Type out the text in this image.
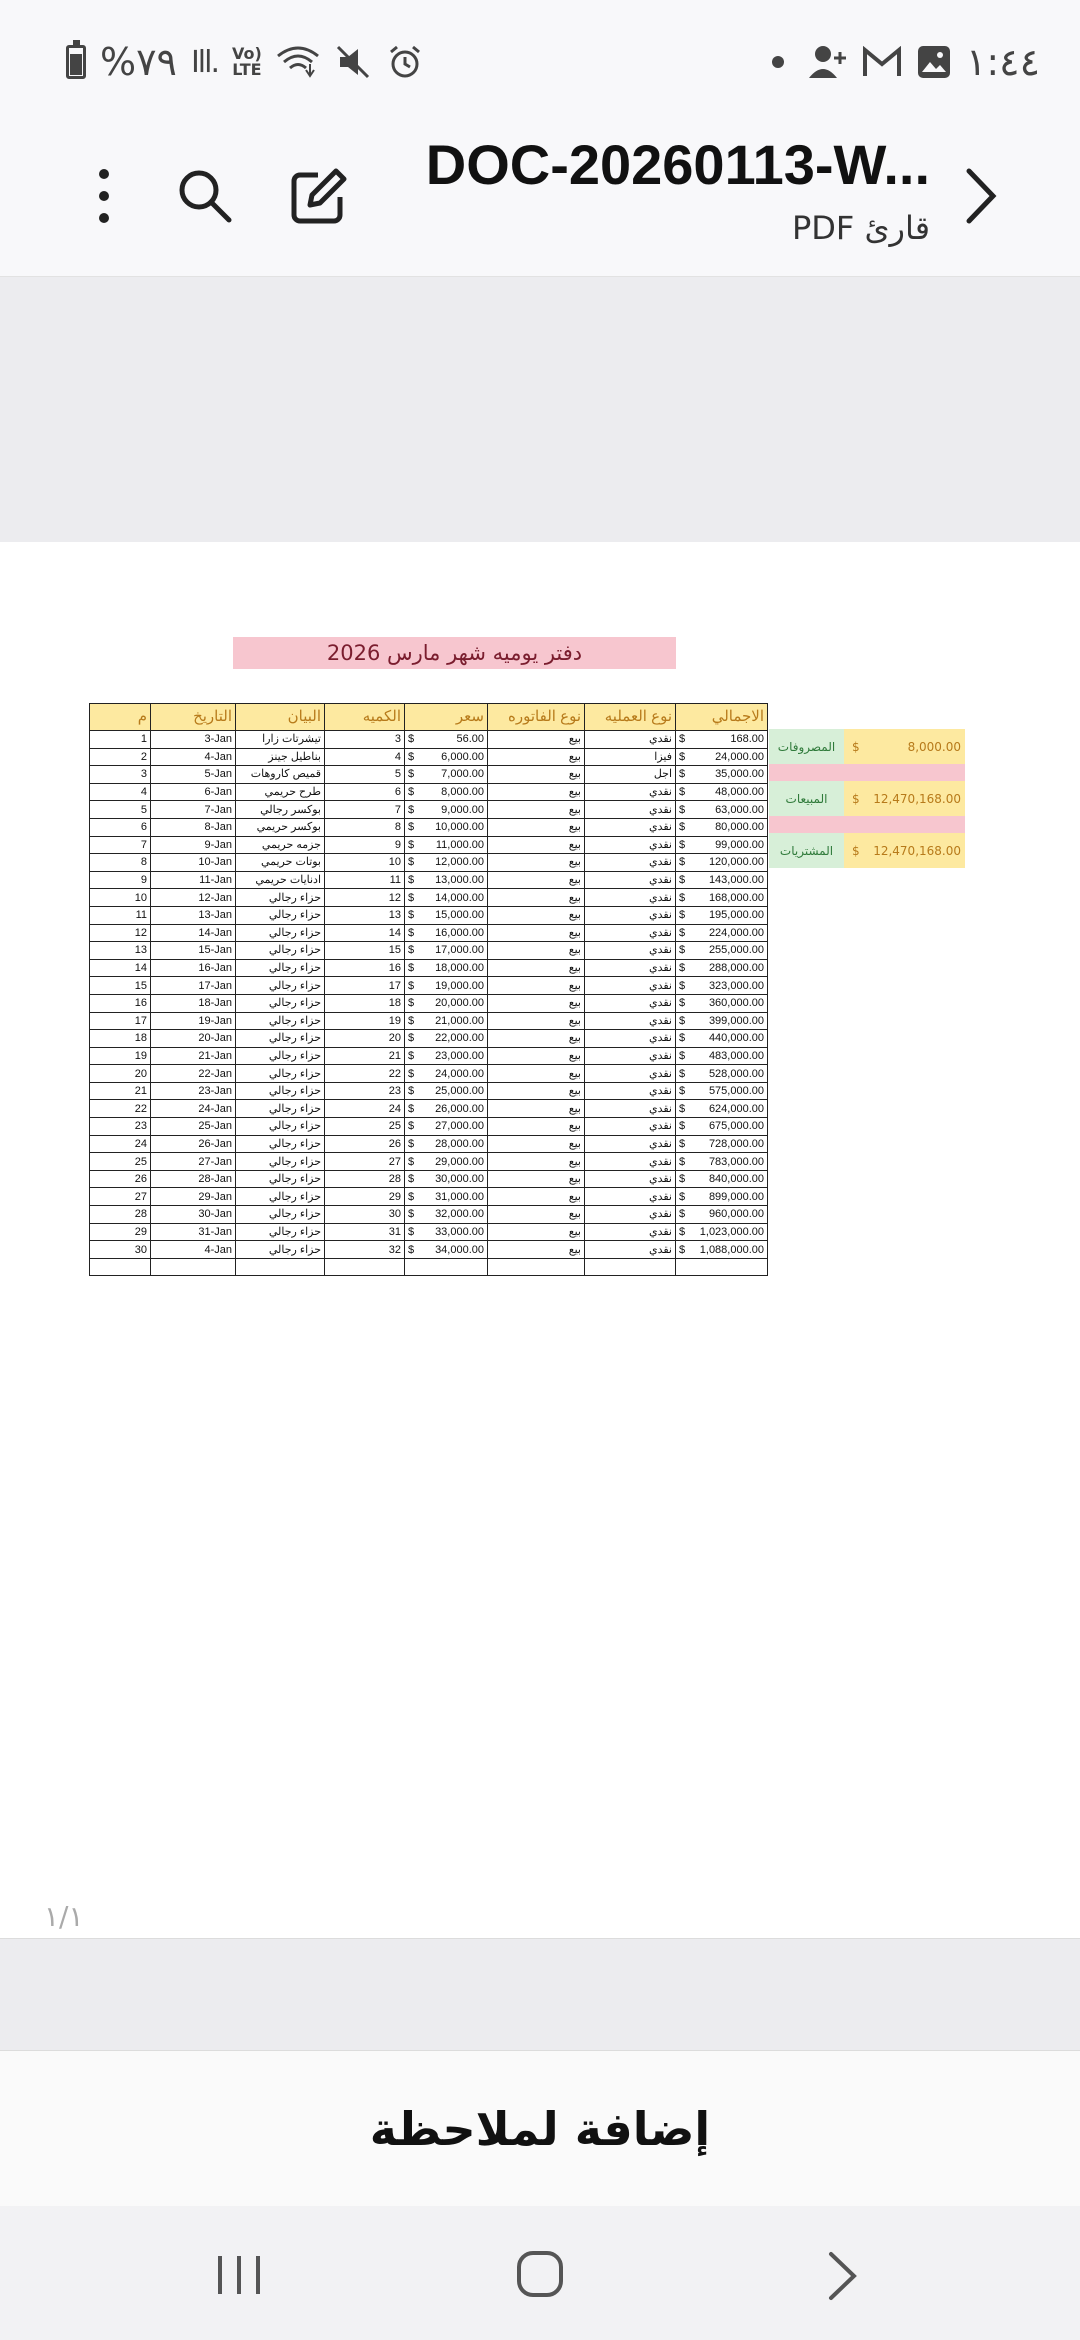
%٧٩ Ill. Vo)
LTE	١:٤٤
DOC-20260113-W...
قارئ PDF
دفتر يوميه شهر مارس 2026
م	التاريخ	البيان	الكميه	سعر	نوع الفاتوره	نوع العمليه	الاجمالي
1	3-Jan	تيشرتات زارا	3	$ 56.00	بيع	نقدي	$ 168.00

2	4-Jan	بناطيل جينز	4	$ 6,000.00	بيع	فيزا	$ 24,000.00

3	5-Jan	قميص كاروهات	5	$ 7,000.00	بيع	اجل	$ 35,000.00

4	6-Jan	طرح حريمي	6	$ 8,000.00	بيع	نقدي	$ 48,000.00

5	7-Jan	بوكسر رجالي	7	$ 9,000.00	بيع	نقدي	$ 63,000.00

6	8-Jan	بوكسر حريمي	8	$ 10,000.00	بيع	نقدي	$ 80,000.00

7	9-Jan	جزمه حريمي	9	$ 11,000.00	بيع	نقدي	$ 99,000.00

8	10-Jan	بوتات حريمي	10	$ 12,000.00	بيع	نقدي	$ 120,000.00

9	11-Jan	ادنايات حريمي	11	$ 13,000.00	بيع	نقدي	$ 143,000.00

10	12-Jan	حزاء رجالي	12	$ 14,000.00	بيع	نقدي	$ 168,000.00

11	13-Jan	حزاء رجالي	13	$ 15,000.00	بيع	نقدي	$ 195,000.00

12	14-Jan	حزاء رجالي	14	$ 16,000.00	بيع	نقدي	$ 224,000.00

13	15-Jan	حزاء رجالي	15	$ 17,000.00	بيع	نقدي	$ 255,000.00

14	16-Jan	حزاء رجالي	16	$ 18,000.00	بيع	نقدي	$ 288,000.00

15	17-Jan	حزاء رجالي	17	$ 19,000.00	بيع	نقدي	$ 323,000.00

16	18-Jan	حزاء رجالي	18	$ 20,000.00	بيع	نقدي	$ 360,000.00

17	19-Jan	حزاء رجالي	19	$ 21,000.00	بيع	نقدي	$ 399,000.00

18	20-Jan	حزاء رجالي	20	$ 22,000.00	بيع	نقدي	$ 440,000.00

19	21-Jan	حزاء رجالي	21	$ 23,000.00	بيع	نقدي	$ 483,000.00

20	22-Jan	حزاء رجالي	22	$ 24,000.00	بيع	نقدي	$ 528,000.00

21	23-Jan	حزاء رجالي	23	$ 25,000.00	بيع	نقدي	$ 575,000.00

22	24-Jan	حزاء رجالي	24	$ 26,000.00	بيع	نقدي	$ 624,000.00

23	25-Jan	حزاء رجالي	25	$ 27,000.00	بيع	نقدي	$ 675,000.00

24	26-Jan	حزاء رجالي	26	$ 28,000.00	بيع	نقدي	$ 728,000.00

25	27-Jan	حزاء رجالي	27	$ 29,000.00	بيع	نقدي	$ 783,000.00

26	28-Jan	حزاء رجالي	28	$ 30,000.00	بيع	نقدي	$ 840,000.00

27	29-Jan	حزاء رجالي	29	$ 31,000.00	بيع	نقدي	$ 899,000.00

28	30-Jan	حزاء رجالي	30	$ 32,000.00	بيع	نقدي	$ 960,000.00

29	31-Jan	حزاء رجالي	31	$ 33,000.00	بيع	نقدي	$ 1,023,000.00

30	4-Jan	حزاء رجالي	32	$ 34,000.00	بيع	نقدي	$ 1,088,000.00

المصروفات	$	8,000.00
المبيعات	$ 12,470,168.00
المشتريات	$ 12,470,168.00
١/١
إضافة لملاحظة
